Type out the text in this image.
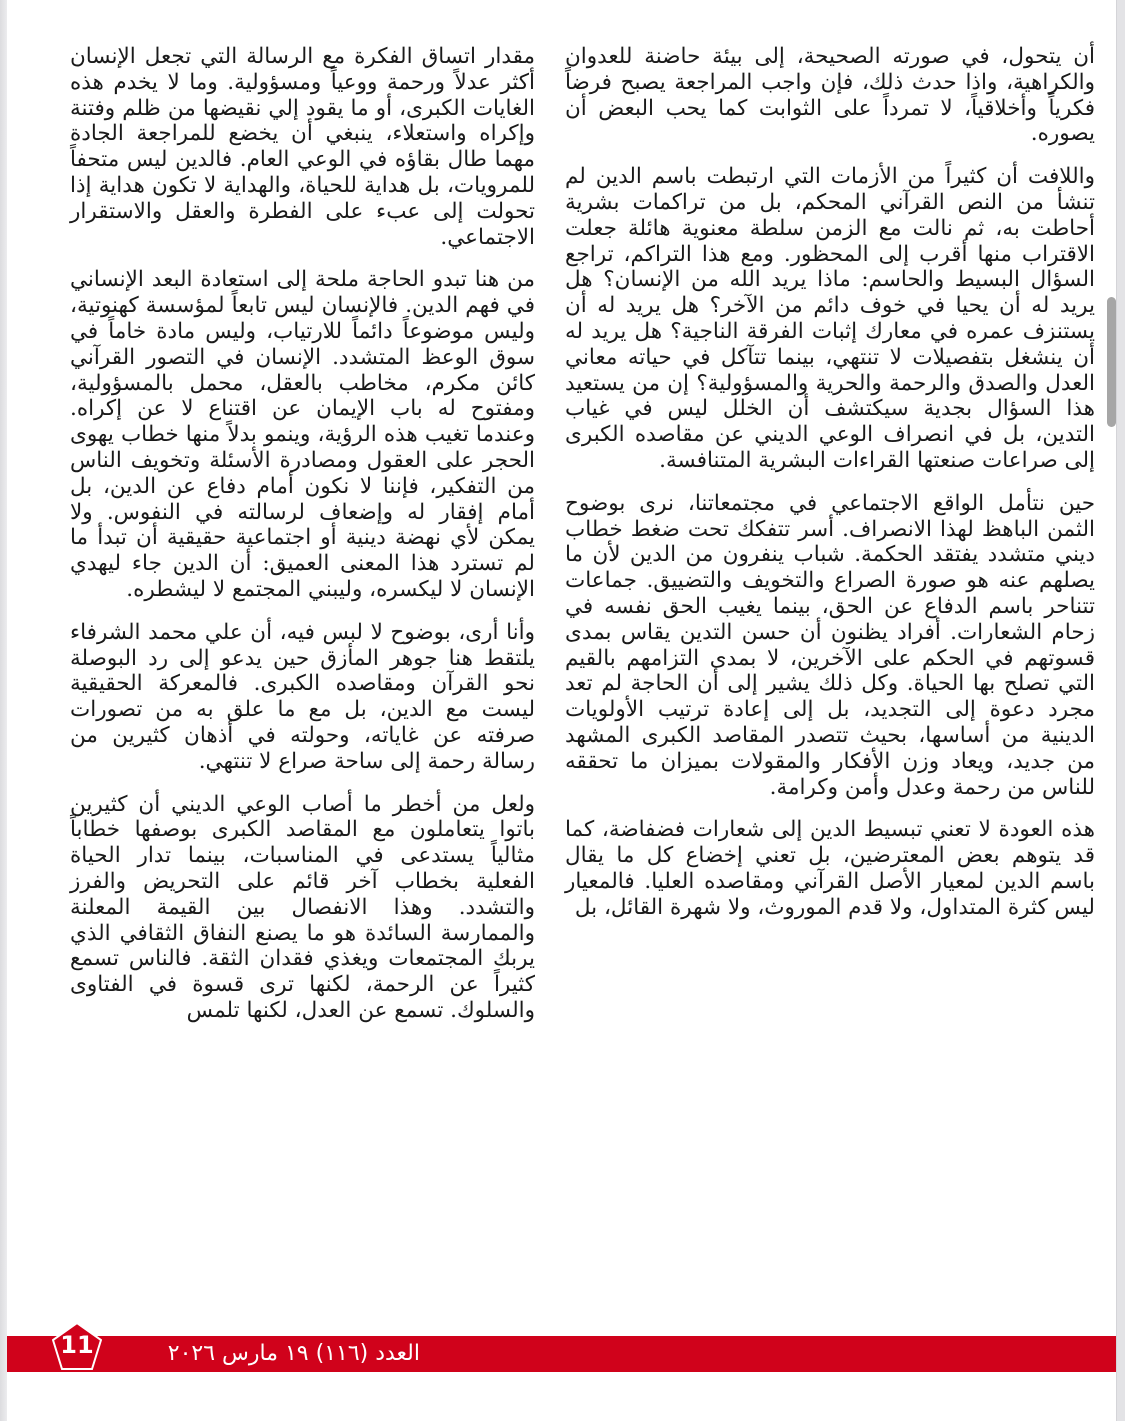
أن يتحول، في صورته الصحيحة، إلى بيئة حاضنة للعدوان والكراهية، واذا حدث ذلك، فإن واجب المراجعة يصبح فرضاً فكرياً وأخلاقياً، لا تمرداً على الثوابت كما يحب البعض أن يصوره.

واللافت أن كثيراً من الأزمات التي ارتبطت باسم الدين لم تنشأ من النص القرآني المحكم، بل من تراكمات بشرية أحاطت به، ثم نالت مع الزمن سلطة معنوية هائلة جعلت الاقتراب منها أقرب إلى المحظور. ومع هذا التراكم، تراجع السؤال البسيط والحاسم: ماذا يريد الله من الإنسان؟ هل يريد له أن يحيا في خوف دائم من الآخر؟ هل يريد له أن يستنزف عمره في معارك إثبات الفرقة الناجية؟ هل يريد له أن ينشغل بتفصيلات لا تنتهي، بينما تتآكل في حياته معاني العدل والصدق والرحمة والحرية والمسؤولية؟ إن من يستعيد هذا السؤال بجدية سيكتشف أن الخلل ليس في غياب التدين، بل في انصراف الوعي الديني عن مقاصده الكبرى إلى صراعات صنعتها القراءات البشرية المتنافسة.

حين نتأمل الواقع الاجتماعي في مجتمعاتنا، نرى بوضوح الثمن الباهظ لهذا الانصراف. أسر تتفكك تحت ضغط خطاب ديني متشدد يفتقد الحكمة. شباب ينفرون من الدين لأن ما يصلهم عنه هو صورة الصراع والتخويف والتضييق. جماعات تتناحر باسم الدفاع عن الحق، بينما يغيب الحق نفسه في زحام الشعارات. أفراد يظنون أن حسن التدين يقاس بمدى قسوتهم في الحكم على الآخرين، لا بمدى التزامهم بالقيم التي تصلح بها الحياة. وكل ذلك يشير إلى أن الحاجة لم تعد مجرد دعوة إلى التجديد، بل إلى إعادة ترتيب الأولويات الدينية من أساسها، بحيث تتصدر المقاصد الكبرى المشهد من جديد، ويعاد وزن الأفكار والمقولات بميزان ما تحققه للناس من رحمة وعدل وأمن وكرامة.

هذه العودة لا تعني تبسيط الدين إلى شعارات فضفاضة، كما قد يتوهم بعض المعترضين، بل تعني إخضاع كل ما يقال باسم الدين لمعيار الأصل القرآني ومقاصده العليا. فالمعيار ليس كثرة المتداول، ولا قدم الموروث، ولا شهرة القائل، بل

مقدار اتساق الفكرة مع الرسالة التي تجعل الإنسان أكثر عدلاً ورحمة ووعياً ومسؤولية. وما لا يخدم هذه الغايات الكبرى، أو ما يقود إلي نقيضها من ظلم وفتنة وإكراه واستعلاء، ينبغي أن يخضع للمراجعة الجادة مهما طال بقاؤه في الوعي العام. فالدين ليس متحفاً للمرويات، بل هداية للحياة، والهداية لا تكون هداية إذا تحولت إلى عبء على الفطرة والعقل والاستقرار الاجتماعي.

من هنا تبدو الحاجة ملحة إلى استعادة البعد الإنساني في فهم الدين. فالإنسان ليس تابعاً لمؤسسة كهنوتية، وليس موضوعاً دائماً للارتياب، وليس مادة خاماً في سوق الوعظ المتشدد. الإنسان في التصور القرآني كائن مكرم، مخاطب بالعقل، محمل بالمسؤولية، ومفتوح له باب الإيمان عن اقتناع لا عن إكراه. وعندما تغيب هذه الرؤية، وينمو بدلاً منها خطاب يهوى الحجر على العقول ومصادرة الأسئلة وتخويف الناس من التفكير، فإننا لا نكون أمام دفاع عن الدين، بل أمام إفقار له وإضعاف لرسالته في النفوس. ولا يمكن لأي نهضة دينية أو اجتماعية حقيقية أن تبدأ ما لم تسترد هذا المعنى العميق: أن الدين جاء ليهدي الإنسان لا ليكسره، وليبني المجتمع لا ليشطره.

وأنا أرى، بوضوح لا لبس فيه، أن علي محمد الشرفاء يلتقط هنا جوهر المأزق حين يدعو إلى رد البوصلة نحو القرآن ومقاصده الكبرى. فالمعركة الحقيقية ليست مع الدين، بل مع ما علق به من تصورات صرفته عن غاياته، وحولته في أذهان كثيرين من رسالة رحمة إلى ساحة صراع لا تنتهي.

ولعل من أخطر ما أصاب الوعي الديني أن كثيرين باتوا يتعاملون مع المقاصد الكبرى بوصفها خطاباً مثالياً يستدعى في المناسبات، بينما تدار الحياة الفعلية بخطاب آخر قائم على التحريض والفرز والتشدد. وهذا الانفصال بين القيمة المعلنة والممارسة السائدة هو ما يصنع النفاق الثقافي الذي يربك المجتمعات ويغذي فقدان الثقة. فالناس تسمع كثيراً عن الرحمة، لكنها ترى قسوة في الفتاوى والسلوك. تسمع عن العدل، لكنها تلمس

11	العدد (١١٦) ١٩ مارس ٢٠٢٦
